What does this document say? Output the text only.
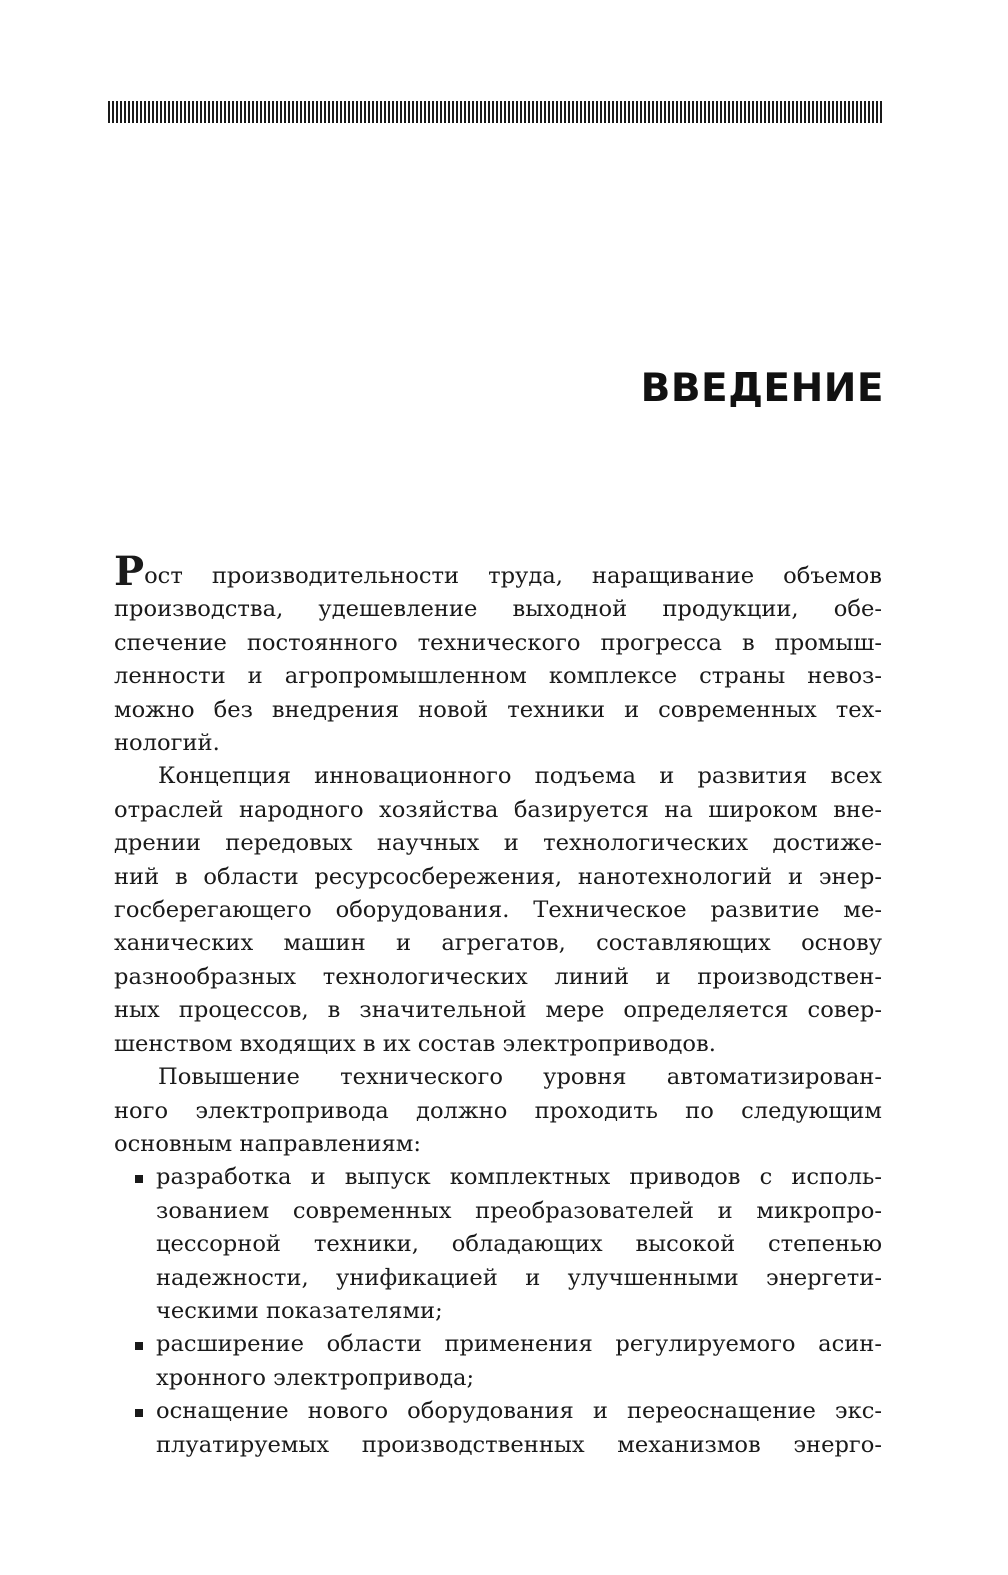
ВВЕДЕНИЕ
Рост производительности труда, наращивание объемов
производства, удешевление выходной продукции, обе-
спечение постоянного технического прогресса в промыш-
ленности и агропромышленном комплексе страны невоз-
можно без внедрения новой техники и современных тех-
нологий.
Концепция инновационного подъема и развития всех
отраслей народного хозяйства базируется на широком вне-
дрении передовых научных и технологических достиже-
ний в области ресурсосбережения, нанотехнологий и энер-
госберегающего оборудования. Техническое развитие ме-
ханических машин и агрегатов, составляющих основу
разнообразных технологических линий и производствен-
ных процессов, в значительной мере определяется совер-
шенством входящих в их состав электроприводов.
Повышение технического уровня автоматизирован-
ного электропривода должно проходить по следующим
основным направлениям:
разработка и выпуск комплектных приводов с исполь-
зованием современных преобразователей и микропро-
цессорной техники, обладающих высокой степенью
надежности, унификацией и улучшенными энергети-
ческими показателями;
расширение области применения регулируемого асин-
хронного электропривода;
оснащение нового оборудования и переоснащение экс-
плуатируемых производственных механизмов энерго-
